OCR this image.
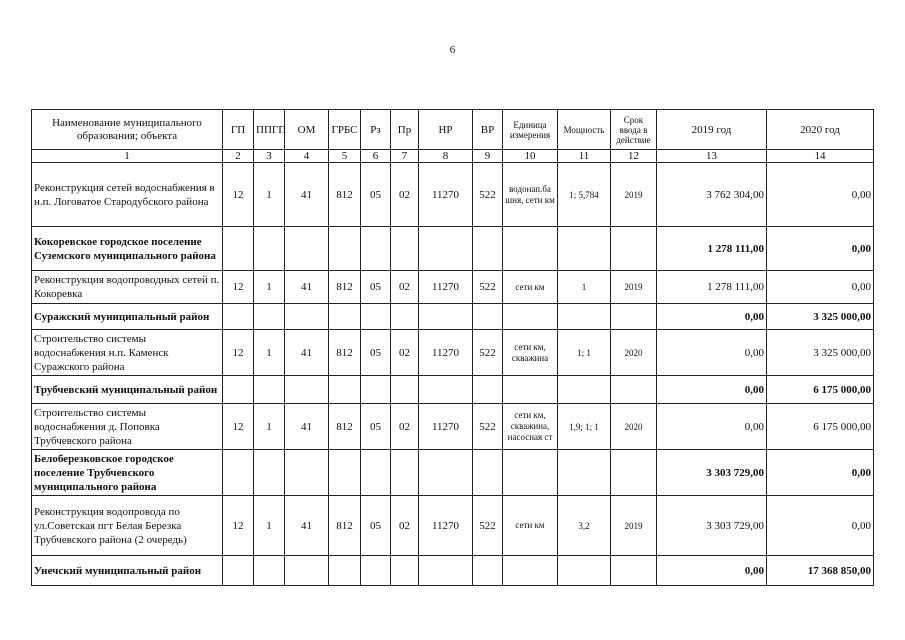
6
Наименование муниципального образования; объекта	ГП	ППГП	ОМ	ГРБС	Рз	Пр	НР	ВР	Единица измерения	Мощность	Срок ввода в действие	2019 год	2020 год
1	2	3	4	5	6	7	8	9	10	11	12	13	14
Реконструкция сетей водоснабжения в н.п. Логоватое Стародубского района	12	1	41	812	05	02	11270	522	водонап.ба шня, сети км	1; 5,784	2019	3 762 304,00	0,00
Кокоревское городское поселение Суземского муниципального района												1 278 111,00	0,00
Реконструкция водопроводных сетей п. Кокоревка	12	1	41	812	05	02	11270	522	сети км	1	2019	1 278 111,00	0,00
Суражский муниципальный район												0,00	3 325 000,00
Строительство системы водоснабжения н.п. Каменск Суражского района	12	1	41	812	05	02	11270	522	сети км, скважина	1; 1	2020	0,00	3 325 000,00
Трубчевский муниципальный район												0,00	6 175 000,00
Строительство системы водоснабжения д. Поповка Трубчевского района	12	1	41	812	05	02	11270	522	сети км, скважина, насосная ст	1,9; 1; 1	2020	0,00	6 175 000,00
Белоберезковское городское поселение Трубчевского муниципального района												3 303 729,00	0,00
Реконструкция водопровода по ул.Советская пгт Белая Березка Трубчевского района (2 очередь)	12	1	41	812	05	02	11270	522	сети км	3,2	2019	3 303 729,00	0,00
Унечский муниципальный район												0,00	17 368 850,00
